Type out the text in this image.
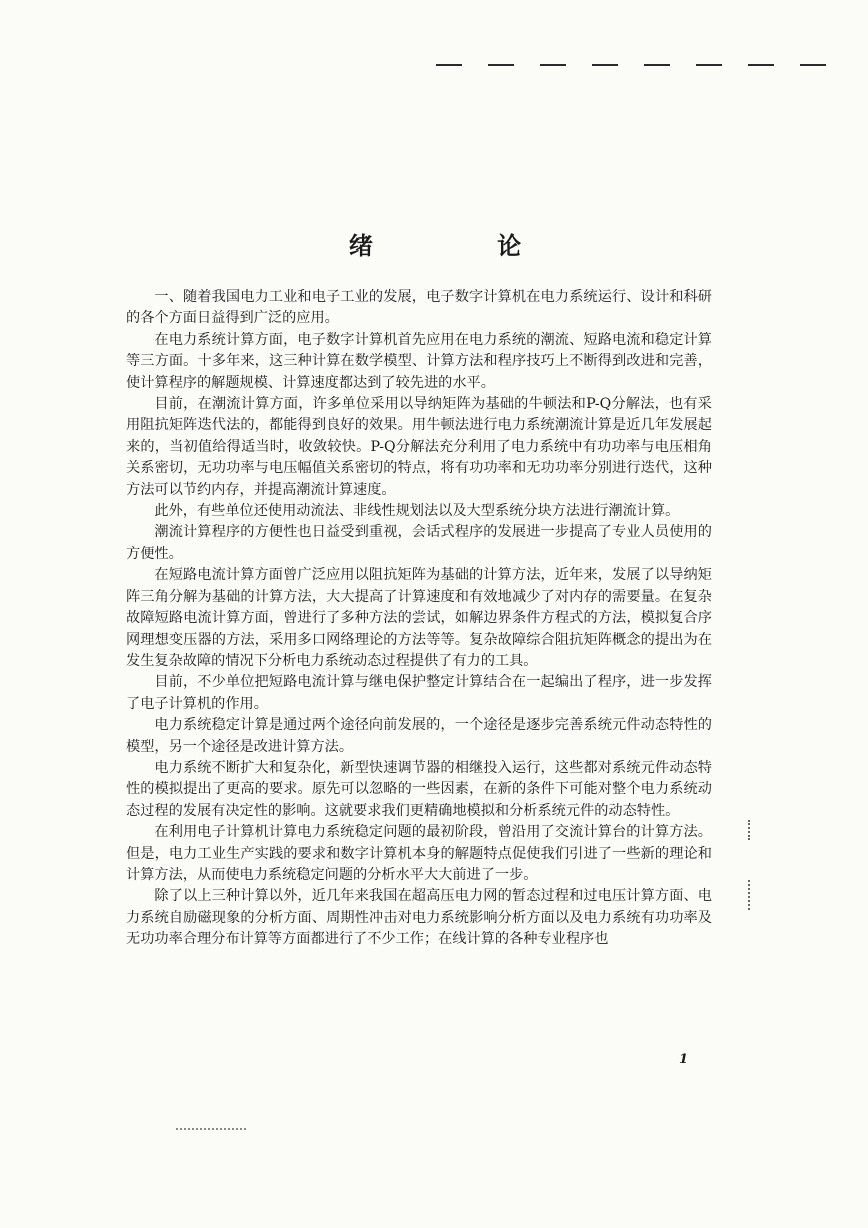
绪 论

一、随着我国电力工业和电子工业的发展，电子数字计算机在电力系统运行、设计和科研的各个方面日益得到广泛的应用。

在电力系统计算方面，电子数字计算机首先应用在电力系统的潮流、短路电流和稳定计算等三方面。十多年来，这三种计算在数学模型、计算方法和程序技巧上不断得到改进和完善，使计算程序的解题规模、计算速度都达到了较先进的水平。

目前，在潮流计算方面，许多单位采用以导纳矩阵为基础的牛顿法和P-Q分解法，也有采用阻抗矩阵迭代法的，都能得到良好的效果。用牛顿法进行电力系统潮流计算是近几年发展起来的，当初值给得适当时，收敛较快。P-Q分解法充分利用了电力系统中有功功率与电压相角关系密切，无功功率与电压幅值关系密切的特点，将有功功率和无功功率分别进行迭代，这种方法可以节约内存，并提高潮流计算速度。

此外，有些单位还使用动流法、非线性规划法以及大型系统分块方法进行潮流计算。

潮流计算程序的方便性也日益受到重视，会话式程序的发展进一步提高了专业人员使用的方便性。

在短路电流计算方面曾广泛应用以阻抗矩阵为基础的计算方法，近年来，发展了以导纳矩阵三角分解为基础的计算方法，大大提高了计算速度和有效地减少了对内存的需要量。在复杂故障短路电流计算方面，曾进行了多种方法的尝试，如解边界条件方程式的方法，模拟复合序网理想变压器的方法，采用多口网络理论的方法等等。复杂故障综合阻抗矩阵概念的提出为在发生复杂故障的情况下分析电力系统动态过程提供了有力的工具。

目前，不少单位把短路电流计算与继电保护整定计算结合在一起编出了程序，进一步发挥了电子计算机的作用。

电力系统稳定计算是通过两个途径向前发展的，一个途径是逐步完善系统元件动态特性的模型，另一个途径是改进计算方法。

电力系统不断扩大和复杂化，新型快速调节器的相继投入运行，这些都对系统元件动态特性的模拟提出了更高的要求。原先可以忽略的一些因素，在新的条件下可能对整个电力系统动态过程的发展有决定性的影响。这就要求我们更精确地模拟和分析系统元件的动态特性。

在利用电子计算机计算电力系统稳定问题的最初阶段，曾沿用了交流计算台的计算方法。但是，电力工业生产实践的要求和数字计算机本身的解题特点促使我们引进了一些新的理论和计算方法，从而使电力系统稳定问题的分析水平大大前进了一步。

除了以上三种计算以外，近几年来我国在超高压电力网的暂态过程和过电压计算方面、电力系统自励磁现象的分析方面、周期性冲击对电力系统影响分析方面以及电力系统有功功率及无功功率合理分布计算等方面都进行了不少工作；在线计算的各种专业程序也

1
